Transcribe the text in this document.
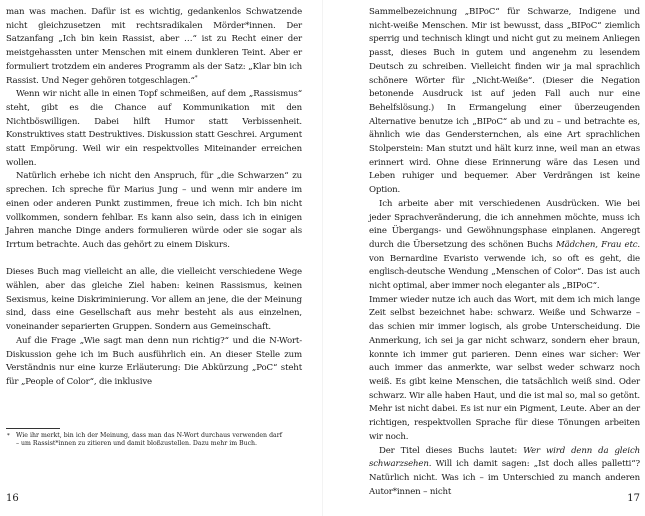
man was machen. Dafür ist es wichtig, gedankenlos Schwatzende nicht gleichzusetzen mit rechtsradikalen Mörder*innen. Der Satzanfang „Ich bin kein Rassist, aber …“ ist zu Recht einer der meistgehassten unter Menschen mit einem dunkleren Teint. Aber er formuliert trotzdem ein anderes Programm als der Satz: „Klar bin ich Rassist. Und Neger gehören totgeschlagen.“*

Wenn wir nicht alle in einen Topf schmeißen, auf dem „Rassismus“ steht, gibt es die Chance auf Kommunikation mit den Nichtböswilligen. Dabei hilft Humor statt Verbissenheit. Konstruktives statt Destruktives. Diskussion statt Geschrei. Argument statt Empörung. Weil wir ein respektvolles Miteinander erreichen wollen.

Natürlich erhebe ich nicht den Anspruch, für „die Schwarzen“ zu sprechen. Ich spreche für Marius Jung – und wenn mir andere im einen oder anderen Punkt zustimmen, freue ich mich. Ich bin nicht vollkommen, sondern fehlbar. Es kann also sein, dass ich in einigen Jahren manche Dinge anders formulieren würde oder sie sogar als Irrtum betrachte. Auch das gehört zu einem Diskurs.

Dieses Buch mag vielleicht an alle, die vielleicht verschiedene Wege wählen, aber das gleiche Ziel haben: keinen Rassismus, keinen Sexismus, keine Diskriminierung. Vor allem an jene, die der Meinung sind, dass eine Gesellschaft aus mehr besteht als aus einzelnen, voneinander separierten Gruppen. Sondern aus Gemeinschaft.

Auf die Frage „Wie sagt man denn nun richtig?“ und die N-Wort-Diskussion gehe ich im Buch ausführlich ein. An dieser Stelle zum Verständnis nur eine kurze Erläuterung: Die Abkürzung „PoC“ steht für „People of Color“, die inklusive

* Wie ihr merkt, bin ich der Meinung, dass man das N-Wort durchaus verwenden darf – um Rassist*innen zu zitieren und damit bloßzustellen. Dazu mehr im Buch.
16

Sammelbezeichnung „BIPoC“ für Schwarze, Indigene und nicht-weiße Menschen. Mir ist bewusst, dass „BIPoC“ ziemlich sperrig und technisch klingt und nicht gut zu meinem Anliegen passt, dieses Buch in gutem und angenehm zu lesendem Deutsch zu schreiben. Vielleicht finden wir ja mal sprachlich schönere Wörter für „Nicht-Weiße“. (Dieser die Negation betonende Ausdruck ist auf jeden Fall auch nur eine Behelfslösung.) In Ermangelung einer überzeugenden Alternative benutze ich „BIPoC“ ab und zu – und betrachte es, ähnlich wie das Gendersternchen, als eine Art sprachlichen Stolperstein: Man stutzt und hält kurz inne, weil man an etwas erinnert wird. Ohne diese Erinnerung wäre das Lesen und Leben ruhiger und bequemer. Aber Verdrängen ist keine Option.

Ich arbeite aber mit verschiedenen Ausdrücken. Wie bei jeder Sprachveränderung, die ich annehmen möchte, muss ich eine Übergangs- und Gewöhnungsphase einplanen. Angeregt durch die Übersetzung des schönen Buchs Mädchen, Frau etc. von Bernardine Evaristo verwende ich, so oft es geht, die englisch-deutsche Wendung „Menschen of Color“. Das ist auch nicht optimal, aber immer noch eleganter als „BIPoC“.

Immer wieder nutze ich auch das Wort, mit dem ich mich lange Zeit selbst bezeichnet habe: schwarz. Weiße und Schwarze – das schien mir immer logisch, als grobe Unterscheidung. Die Anmerkung, ich sei ja gar nicht schwarz, sondern eher braun, konnte ich immer gut parieren. Denn eines war sicher: Wer auch immer das anmerkte, war selbst weder schwarz noch weiß. Es gibt keine Menschen, die tatsächlich weiß sind. Oder schwarz. Wir alle haben Haut, und die ist mal so, mal so getönt. Mehr ist nicht dabei. Es ist nur ein Pigment, Leute. Aber an der richtigen, respektvollen Sprache für diese Tönungen arbeiten wir noch.

Der Titel dieses Buchs lautet: Wer wird denn da gleich schwarzsehen. Will ich damit sagen: „Ist doch alles palletti“? Natürlich nicht. Was ich – im Unterschied zu manch anderen Autor*innen – nicht

17
